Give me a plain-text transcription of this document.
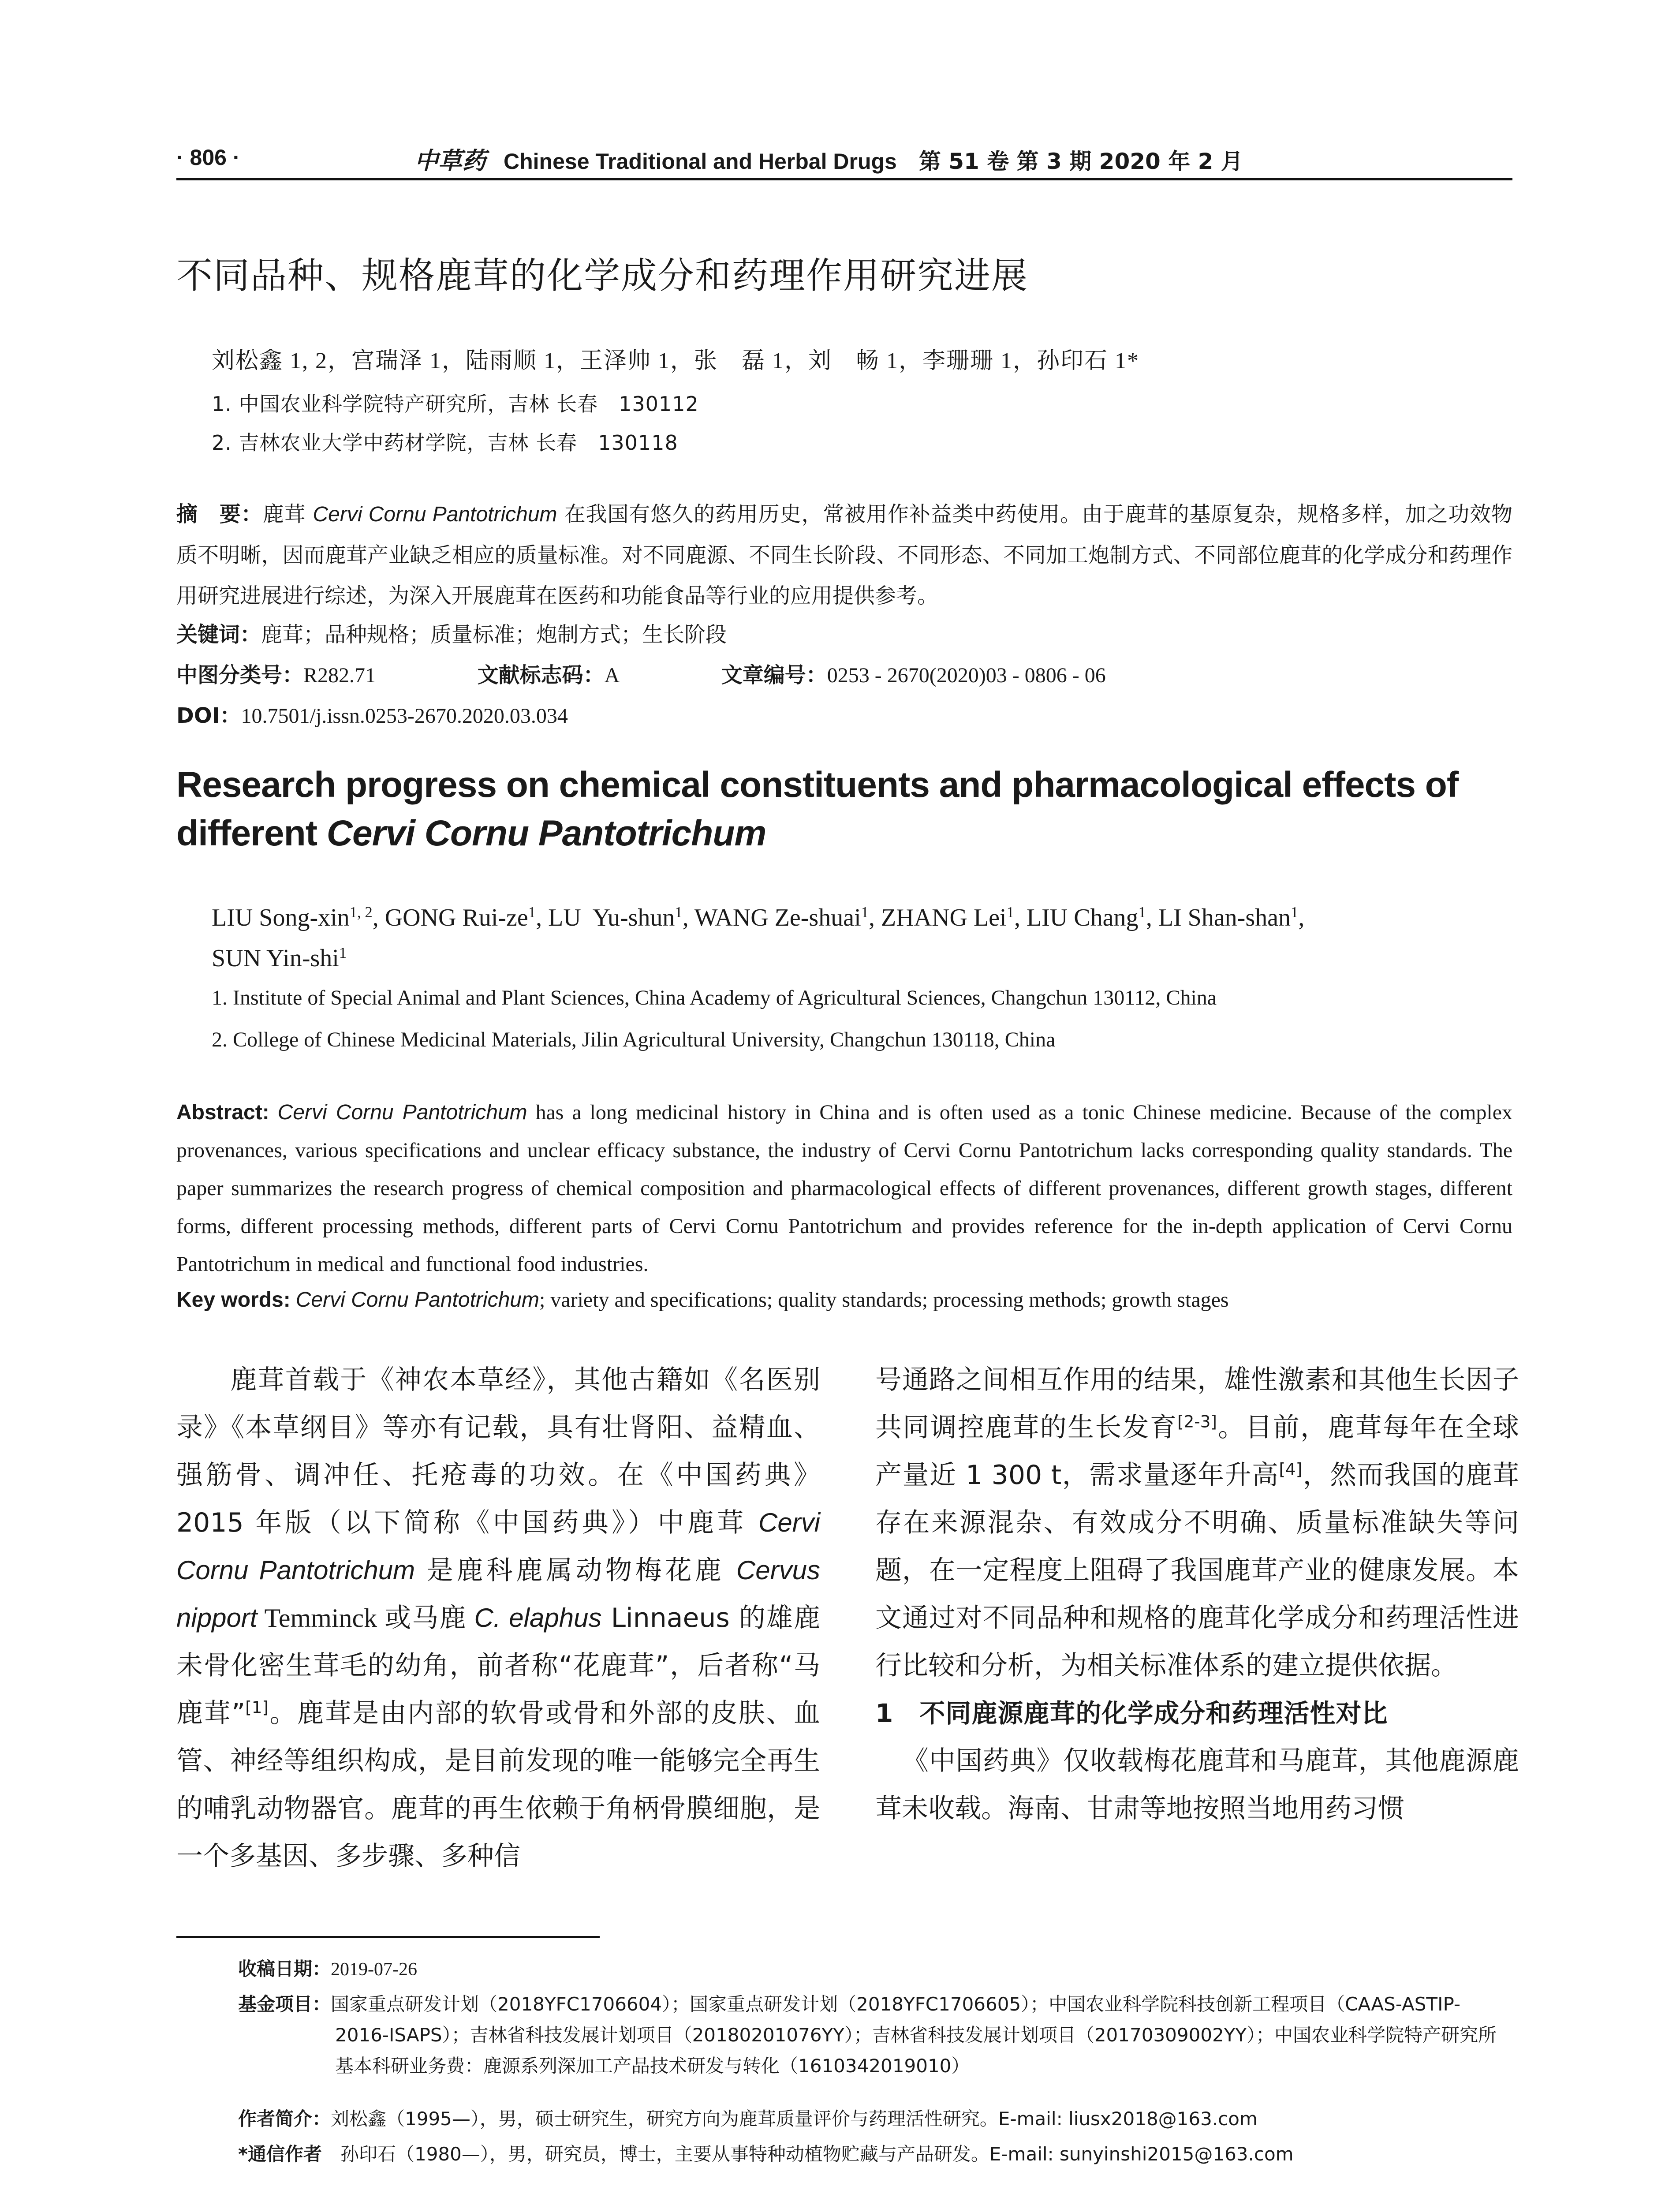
· 806 ·	中草药 Chinese Traditional and Herbal Drugs　 第 51 卷 第 3 期 2020 年 2 月
不同品种、规格鹿茸的化学成分和药理作用研究进展
刘松鑫 1, 2，宫瑞泽 1，陆雨顺 1，王泽帅 1，张　磊 1，刘　畅 1，李珊珊 1，孙印石 1*
1. 中国农业科学院特产研究所，吉林 长春　130112
2. 吉林农业大学中药材学院，吉林 长春　130118
摘　要：鹿茸 Cervi Cornu Pantotrichum 在我国有悠久的药用历史，常被用作补益类中药使用。由于鹿茸的基原复杂，规格多样，加之功效物质不明晰，因而鹿茸产业缺乏相应的质量标准。对不同鹿源、不同生长阶段、不同形态、不同加工炮制方式、不同部位鹿茸的化学成分和药理作用研究进展进行综述，为深入开展鹿茸在医药和功能食品等行业的应用提供参考。
关键词：鹿茸；品种规格；质量标准；炮制方式；生长阶段
中图分类号：R282.71	文献标志码：A	文章编号：0253 - 2670(2020)03 - 0806 - 06
DOI：10.7501/j.issn.0253-2670.2020.03.034
Research progress on chemical constituents and pharmacological effects of
different Cervi Cornu Pantotrichum
LIU Song-xin$^{1, 2}$, GONG Rui-$ze^1$, LU  Yu-shun$^1$, WANG Ze-shuai$^1$, ZHANG Lei$^1$, LIU Chang$^1$, LI Shan-shan$^1$,
SUN Yin-shi$^1$
1. Institute of Special Animal and Plant Sciences, China Academy of Agricultural Sciences, Changchun 130112, China
2. College of Chinese Medicinal Materials, Jilin Agricultural University, Changchun 130118, China
Abstract: Cervi Cornu Pantotrichum has a long medicinal history in China and is often used as a tonic Chinese medicine. Because of the complex provenances, various specifications and unclear efficacy substance, the industry of Cervi Cornu Pantotrichum lacks corresponding quality standards. The paper summarizes the research progress of chemical composition and pharmacological effects of different provenances, different growth stages, different forms, different processing methods, different parts of Cervi Cornu Pantotrichum and provides reference for the in-depth application of Cervi Cornu Pantotrichum in medical and functional food industries.
Key words: Cervi Cornu Pantotrichum; variety and specifications; quality standards; processing methods; growth stages
鹿茸首载于《神农本草经》，其他古籍如《名医别录》《本草纲目》等亦有记载，具有壮肾阳、益精血、强筋骨、调冲任、托疮毒的功效。在《中国药典》2015 年版（以下简称《中国药典》）中鹿茸 Cervi Cornu Pantotrichum 是鹿科鹿属动物梅花鹿 Cervus nipport Temminck 或马鹿 C. elaphus Linnaeus 的雄鹿未骨化密生茸毛的幼角，前者称“花鹿茸”，后者称“马鹿茸”[1]。鹿茸是由内部的软骨或骨和外部的皮肤、血管、神经等组织构成，是目前发现的唯一能够完全再生的哺乳动物器官。鹿茸的再生依赖于角柄骨膜细胞，是一个多基因、多步骤、多种信
号通路之间相互作用的结果，雄性激素和其他生长因子共同调控鹿茸的生长发育[2-3]。目前，鹿茸每年在全球产量近 1 300 t，需求量逐年升高[4]，然而我国的鹿茸存在来源混杂、有效成分不明确、质量标准缺失等问题，在一定程度上阻碍了我国鹿茸产业的健康发展。本文通过对不同品种和规格的鹿茸化学成分和药理活性进行比较和分析，为相关标准体系的建立提供依据。
1　不同鹿源鹿茸的化学成分和药理活性对比
《中国药典》仅收载梅花鹿茸和马鹿茸，其他鹿源鹿茸未收载。海南、甘肃等地按照当地用药习惯
收稿日期：2019-07-26
基金项目：国家重点研发计划（2018YFC1706604）；国家重点研发计划（2018YFC1706605）；中国农业科学院科技创新工程项目（CAAS-ASTIP-2016-ISAPS）；吉林省科技发展计划项目（20180201076YY）；吉林省科技发展计划项目（20170309002YY）；中国农业科学院特产研究所基本科研业务费：鹿源系列深加工产品技术研发与转化（1610342019010）
作者简介：刘松鑫（1995—），男，硕士研究生，研究方向为鹿茸质量评价与药理活性研究。E-mail: liusx2018@163.com
*通信作者　孙印石（1980—），男，研究员，博士，主要从事特种动植物贮藏与产品研发。E-mail: sunyinshi2015@163.com
